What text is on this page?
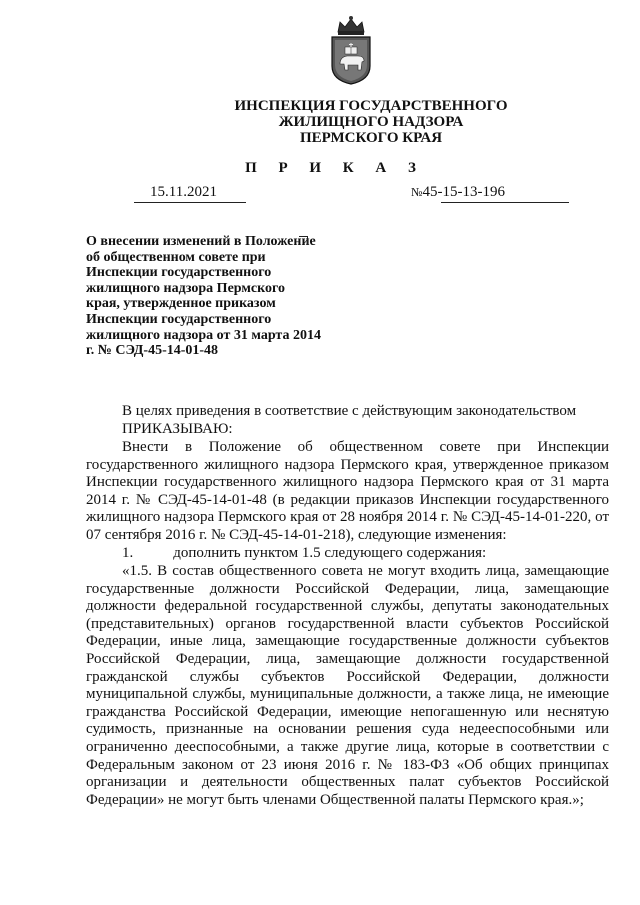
ИНСПЕКЦИЯ ГОСУДАРСТВЕННОГО
ЖИЛИЩНОГО НАДЗОРА
ПЕРМСКОГО КРАЯ
П Р И К А З
15.11.2021	№45-15-13-196
О внесении изменений в Положение об общественном совете при Инспекции государственного жилищного надзора Пермского края, утвержденное приказом Инспекции государственного жилищного надзора от 31 марта 2014 г. № СЭД-45-14-01-48
В целях приведения в соответствие с действующим законодательством
ПРИКАЗЫВАЮ:
Внести в Положение об общественном совете при Инспекции государственного жилищного надзора Пермского края, утвержденное приказом Инспекции государственного жилищного надзора Пермского края от 31 марта 2014 г. № СЭД-45-14-01-48 (в редакции приказов Инспекции государственного жилищного надзора Пермского края от 28 ноября 2014 г. № СЭД-45-14-01-220, от 07 сентября 2016 г. № СЭД-45-14-01-218), следующие изменения:
1.	дополнить пунктом 1.5 следующего содержания:
«1.5. В состав общественного совета не могут входить лица, замещающие государственные должности Российской Федерации, лица, замещающие должности федеральной государственной службы, депутаты законодательных (представительных) органов государственной власти субъектов Российской Федерации, иные лица, замещающие государственные должности субъектов Российской Федерации, лица, замещающие должности государственной гражданской службы субъектов Российской Федерации, должности муниципальной службы, муниципальные должности, а также лица, не имеющие гражданства Российской Федерации, имеющие непогашенную или неснятую судимость, признанные на основании решения суда недееспособными или ограниченно дееспособными, а также другие лица, которые в соответствии с Федеральным законом от 23 июня 2016 г. № 183-ФЗ «Об общих принципах организации и деятельности общественных палат субъектов Российской Федерации» не могут быть членами Общественной палаты Пермского края.»;
